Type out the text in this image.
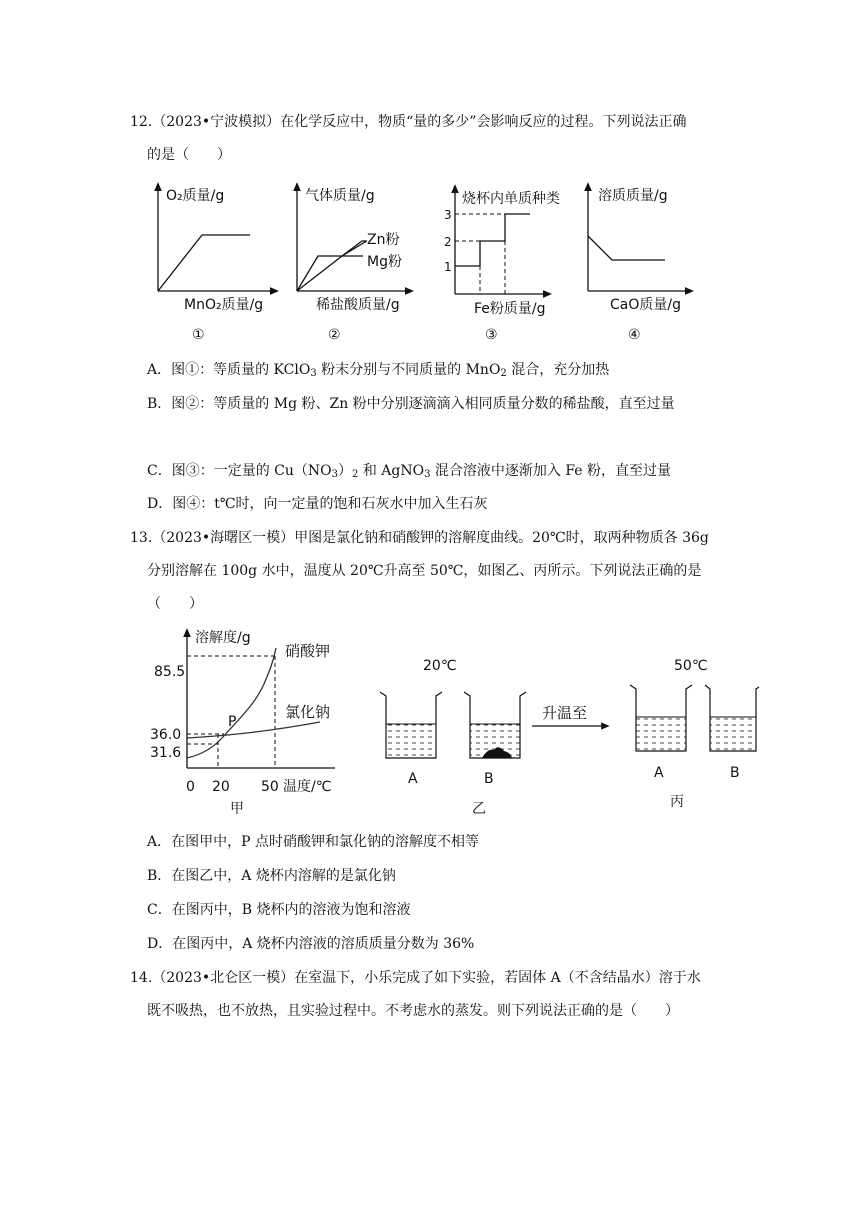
12.（2023•宁波模拟）在化学反应中，物质“量的多少”会影响反应的过程。下列说法正确
的是（　　）
O₂质量/g
MnO₂质量/g
①
气体质量/g
Zn粉
Mg粉
稀盐酸质量/g
②
3
2
1
烧杯内单质种类
Fe粉质量/g
③
溶质质量/g
CaO质量/g
④
A．图①：等质量的 KClO$_3$ 粉末分别与不同质量的 MnO$_2$ 混合，充分加热
B．图②：等质量的 Mg 粉、Zn 粉中分别逐滴滴入相同质量分数的稀盐酸，直至过量
C．图③：一定量的 $Cu(NO_3)_2$ 和 AgNO$_3$ 混合溶液中逐渐加入 Fe 粉，直至过量
D．图④：t℃时，向一定量的饱和石灰水中加入生石灰
13.（2023•海曙区一模）甲图是氯化钠和硝酸钾的溶解度曲线。20℃时，取两种物质各 36g
分别溶解在 100g 水中，温度从 20℃升高至 50℃，如图乙、丙所示。下列说法正确的是
（　　）
85.5
36.0
31.6
0 20 50 温度/℃
溶解度/g
P
硝酸钾
氯化钠
甲
20℃
A	B
乙
升温至
50℃
A	B
丙
A．在图甲中，P 点时硝酸钾和氯化钠的溶解度不相等
B．在图乙中，A 烧杯内溶解的是氯化钠
C．在图丙中，B 烧杯内的溶液为饱和溶液
D．在图丙中，A 烧杯内溶液的溶质质量分数为 36%
14.（2023•北仑区一模）在室温下，小乐完成了如下实验，若固体 A（不含结晶水）溶于水
既不吸热，也不放热，且实验过程中。不考虑水的蒸发。则下列说法正确的是（　　）
